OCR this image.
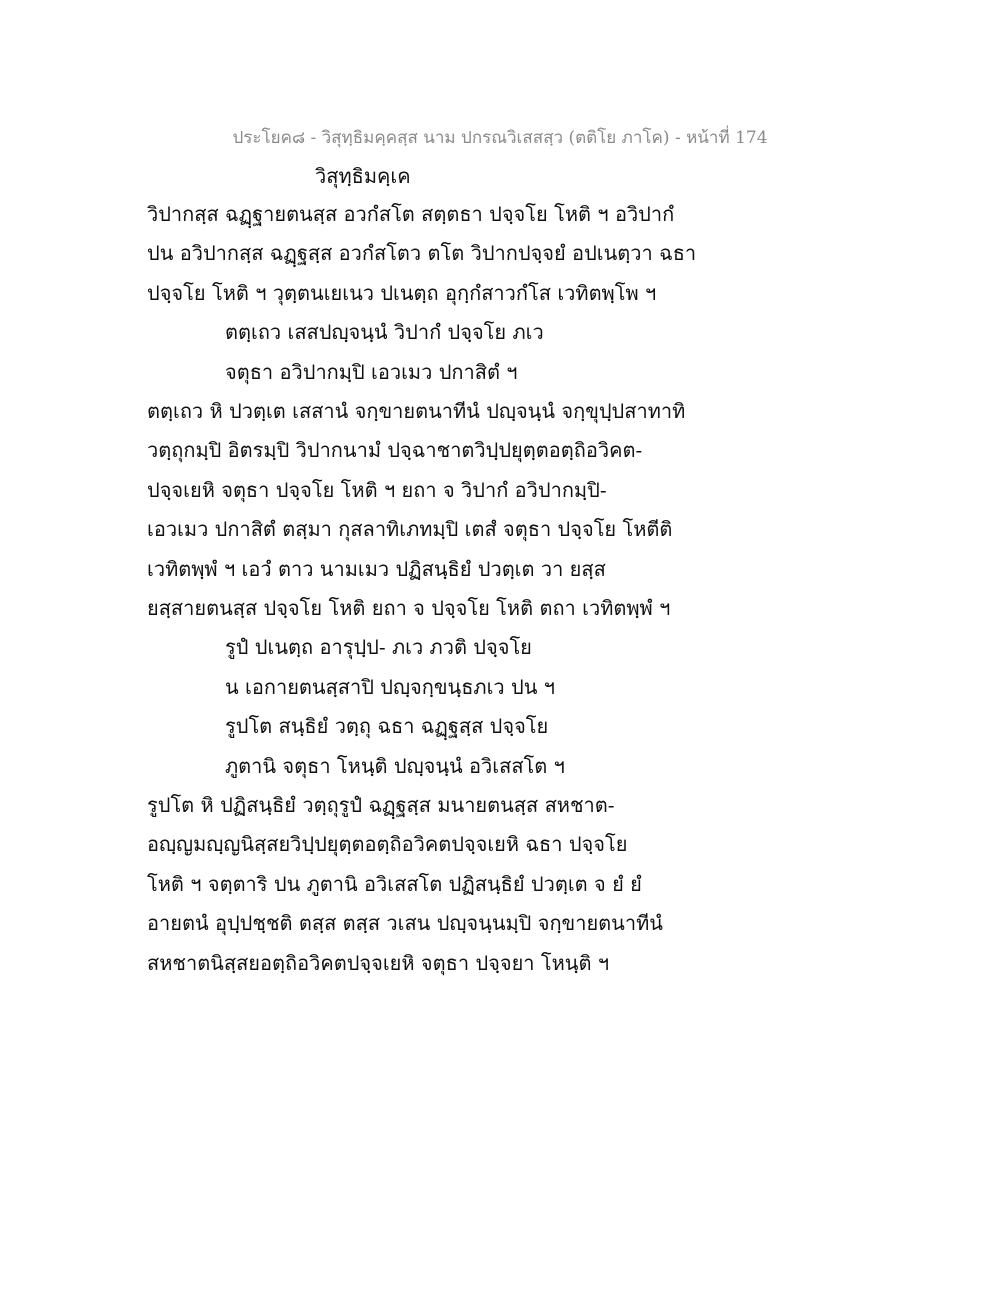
ประโยค๘ - วิสุทฺธิมคฺคสฺส นาม ปกรณวิเสสสฺว (ตติโย ภาโค) - หน้าที่ 174
วิสุทฺธิมคฺเค
วิปากสฺส ฉฏฺฐายตนสฺส อวกํสโต สตฺตธา ปจฺจโย โหติ ฯ อวิปากํ
ปน อวิปากสฺส ฉฏฺฐสฺส อวกํสโตว ตโต วิปากปจฺจยํ อปเนตฺวา ฉธา
ปจฺจโย โหติ ฯ วุตฺตนเยเนว ปเนตฺถ อุกฺกํสาวกํโส เวทิตพฺโพ ฯ
ตตฺเถว เสสปญฺจนฺนํ วิปากํ ปจฺจโย ภเว
จตุธา อวิปากมฺปิ เอวเมว ปกาสิตํ ฯ
ตตฺเถว หิ ปวตฺเต เสสานํ จกฺขายตนาทีนํ ปญฺจนฺนํ จกฺขุปฺปสาทาทิ
วตฺถุกมฺปิ อิตรมฺปิ วิปากนามํ ปจฺฉาชาตวิปฺปยุตฺตอตฺถิอวิคต-
ปจฺจเยหิ จตุธา ปจฺจโย โหติ ฯ ยถา จ วิปากํ อวิปากมฺปิ-
เอวเมว ปกาสิตํ ตสฺมา กุสลาทิเภทมฺปิ เตสํ จตุธา ปจฺจโย โหตีติ
เวทิตพฺพํ ฯ เอวํ ตาว นามเมว ปฏิสนฺธิยํ ปวตฺเต วา ยสฺส
ยสฺสายตนสฺส ปจฺจโย โหติ ยถา จ ปจฺจโย โหติ ตถา เวทิตพฺพํ ฯ
รูปํ ปเนตฺถ อารุปฺป- ภเว ภวติ ปจฺจโย
น เอกายตนสฺสาปิ ปญฺจกฺขนฺธภเว ปน ฯ
รูปโต สนฺธิยํ วตฺถุ ฉธา ฉฏฺฐสฺส ปจฺจโย
ภูตานิ จตุธา โหนฺติ ปญฺจนฺนํ อวิเสสโต ฯ
รูปโต หิ ปฏิสนฺธิยํ วตฺถุรูปํ ฉฏฺฐสฺส มนายตนสฺส สหชาต-
อญฺญมญฺญนิสฺสยวิปฺปยุตฺตอตฺถิอวิคตปจฺจเยหิ ฉธา ปจฺจโย
โหติ ฯ จตฺตาริ ปน ภูตานิ อวิเสสโต ปฏิสนฺธิยํ ปวตฺเต จ ยํ ยํ
อายตนํ อุปฺปชฺชติ ตสฺส ตสฺส วเสน ปญฺจนฺนมฺปิ จกฺขายตนาทีนํ
สหชาตนิสฺสยอตฺถิอวิคตปจฺจเยหิ จตุธา ปจฺจยา โหนฺติ ฯ
